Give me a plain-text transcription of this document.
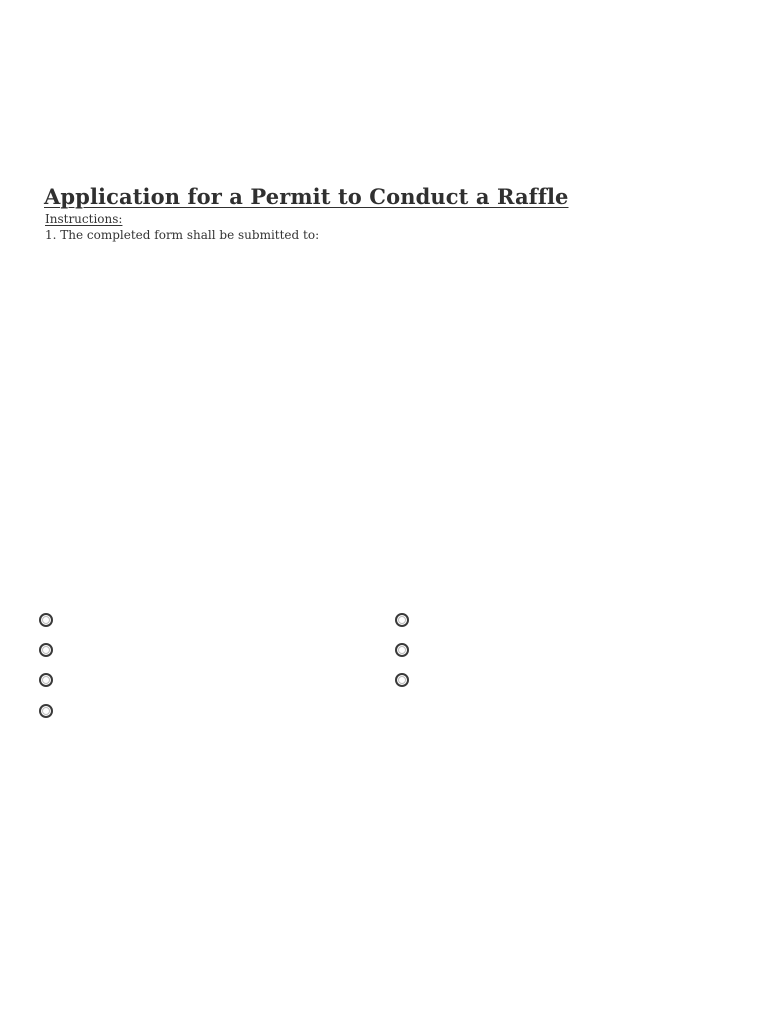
Application for a Permit to Conduct a Raffle
Instructions:
1. The completed form shall be submitted to:
